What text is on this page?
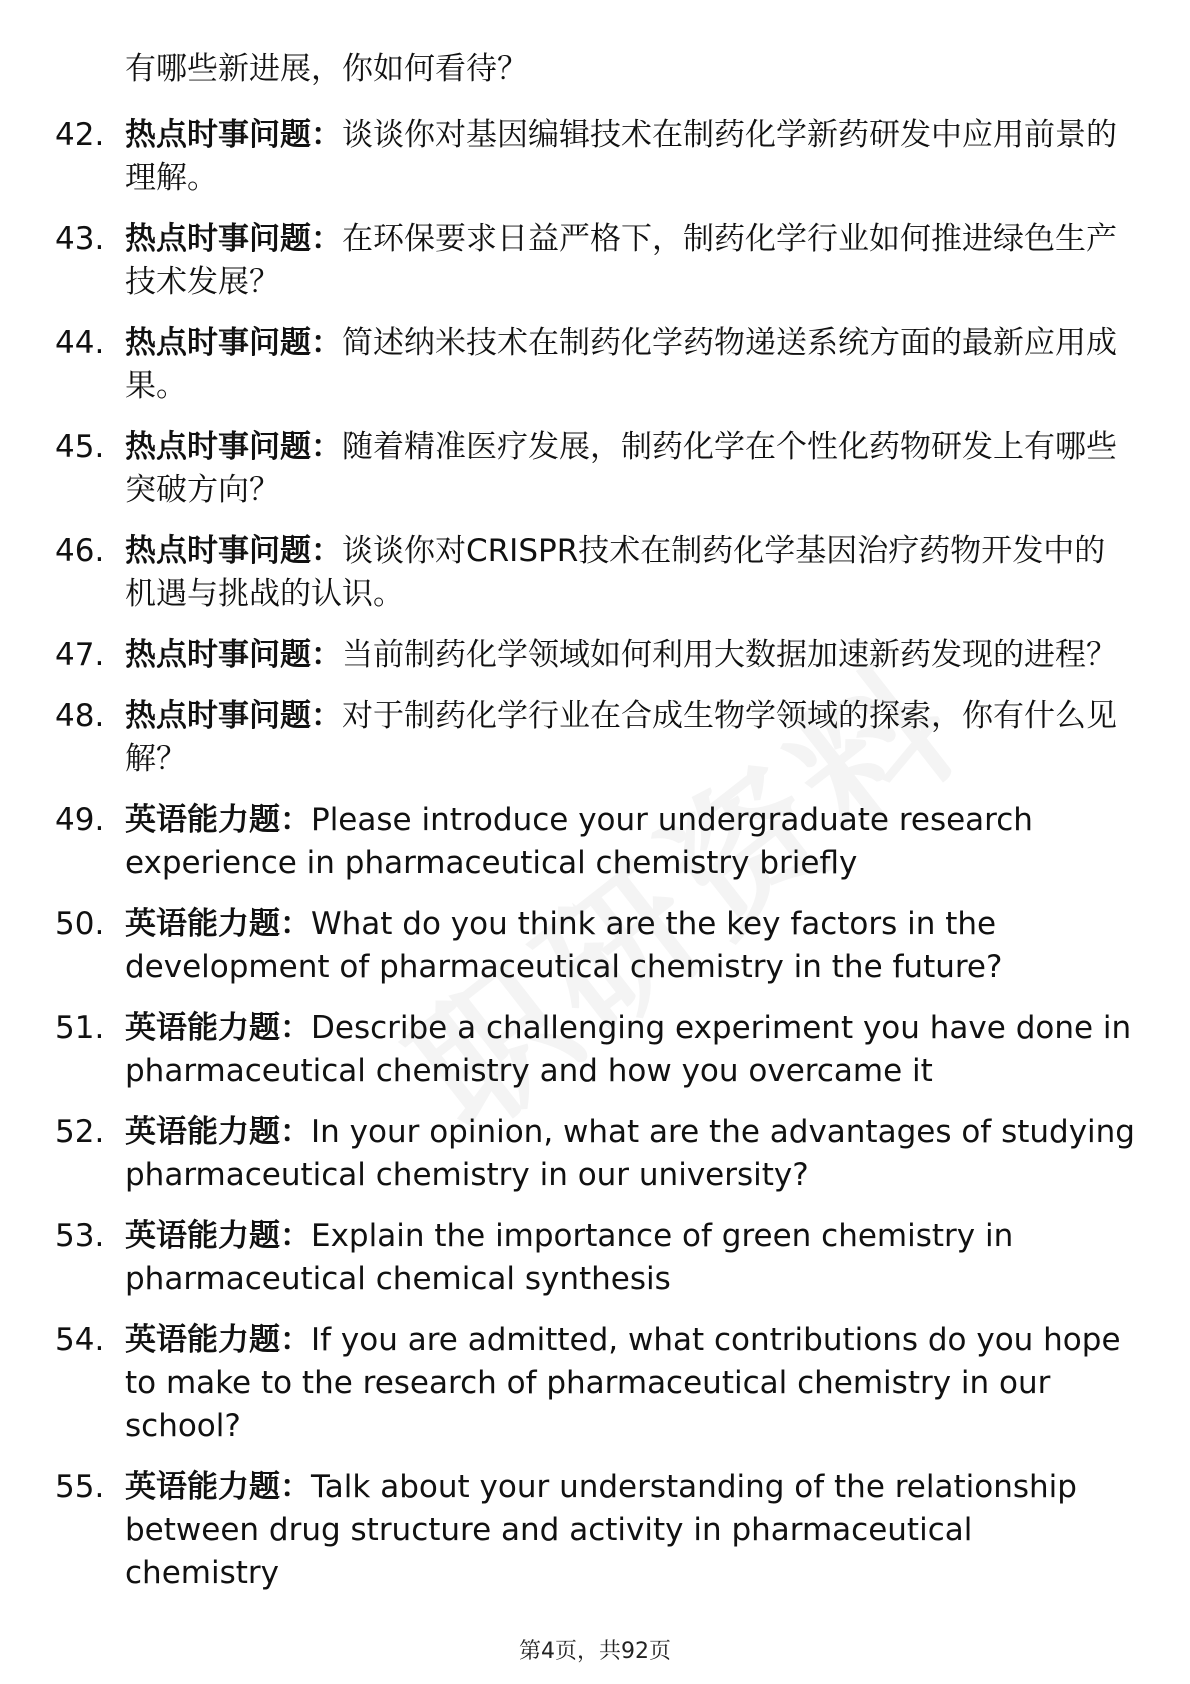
有哪些新进展，你如何看待？
42. 热点时事问题：谈谈你对基因编辑技术在制药化学新药研发中应用前景的理解。
43. 热点时事问题：在环保要求日益严格下，制药化学行业如何推进绿色生产技术发展？
44. 热点时事问题：简述纳米技术在制药化学药物递送系统方面的最新应用成果。
45. 热点时事问题：随着精准医疗发展，制药化学在个性化药物研发上有哪些突破方向？
46. 热点时事问题：谈谈你对CRISPR技术在制药化学基因治疗药物开发中的机遇与挑战的认识。
47. 热点时事问题：当前制药化学领域如何利用大数据加速新药发现的进程？
48. 热点时事问题：对于制药化学行业在合成生物学领域的探索，你有什么见解？
49. 英语能力题：Please introduce your undergraduate research experience in pharmaceutical chemistry briefly
50. 英语能力题：What do you think are the key factors in the development of pharmaceutical chemistry in the future?
51. 英语能力题：Describe a challenging experiment you have done in pharmaceutical chemistry and how you overcame it
52. 英语能力题：In your opinion, what are the advantages of studying pharmaceutical chemistry in our university?
53. 英语能力题：Explain the importance of green chemistry in pharmaceutical chemical synthesis
54. 英语能力题：If you are admitted, what contributions do you hope to make to the research of pharmaceutical chemistry in our school?
55. 英语能力题：Talk about your understanding of the relationship between drug structure and activity in pharmaceutical chemistry
第4页，共92页
